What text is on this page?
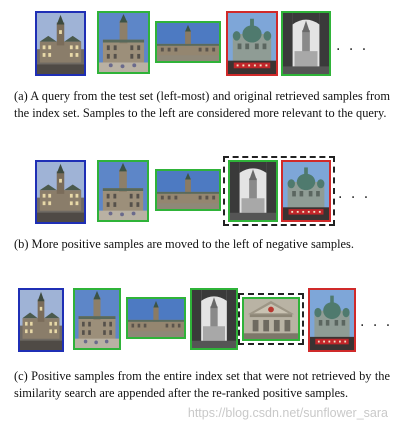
. . .
(a) A query from the test set (left-most) and original retrieved samples from the index set. Samples to the left are considered more relevant to the query.
. . .
(b) More positive samples are moved to the left of negative samples.
. . .
(c) Positive samples from the entire index set that were not retrieved by the similarity search are appended after the re-ranked positive samples.
https://blog.csdn.net/sunflower_sara
